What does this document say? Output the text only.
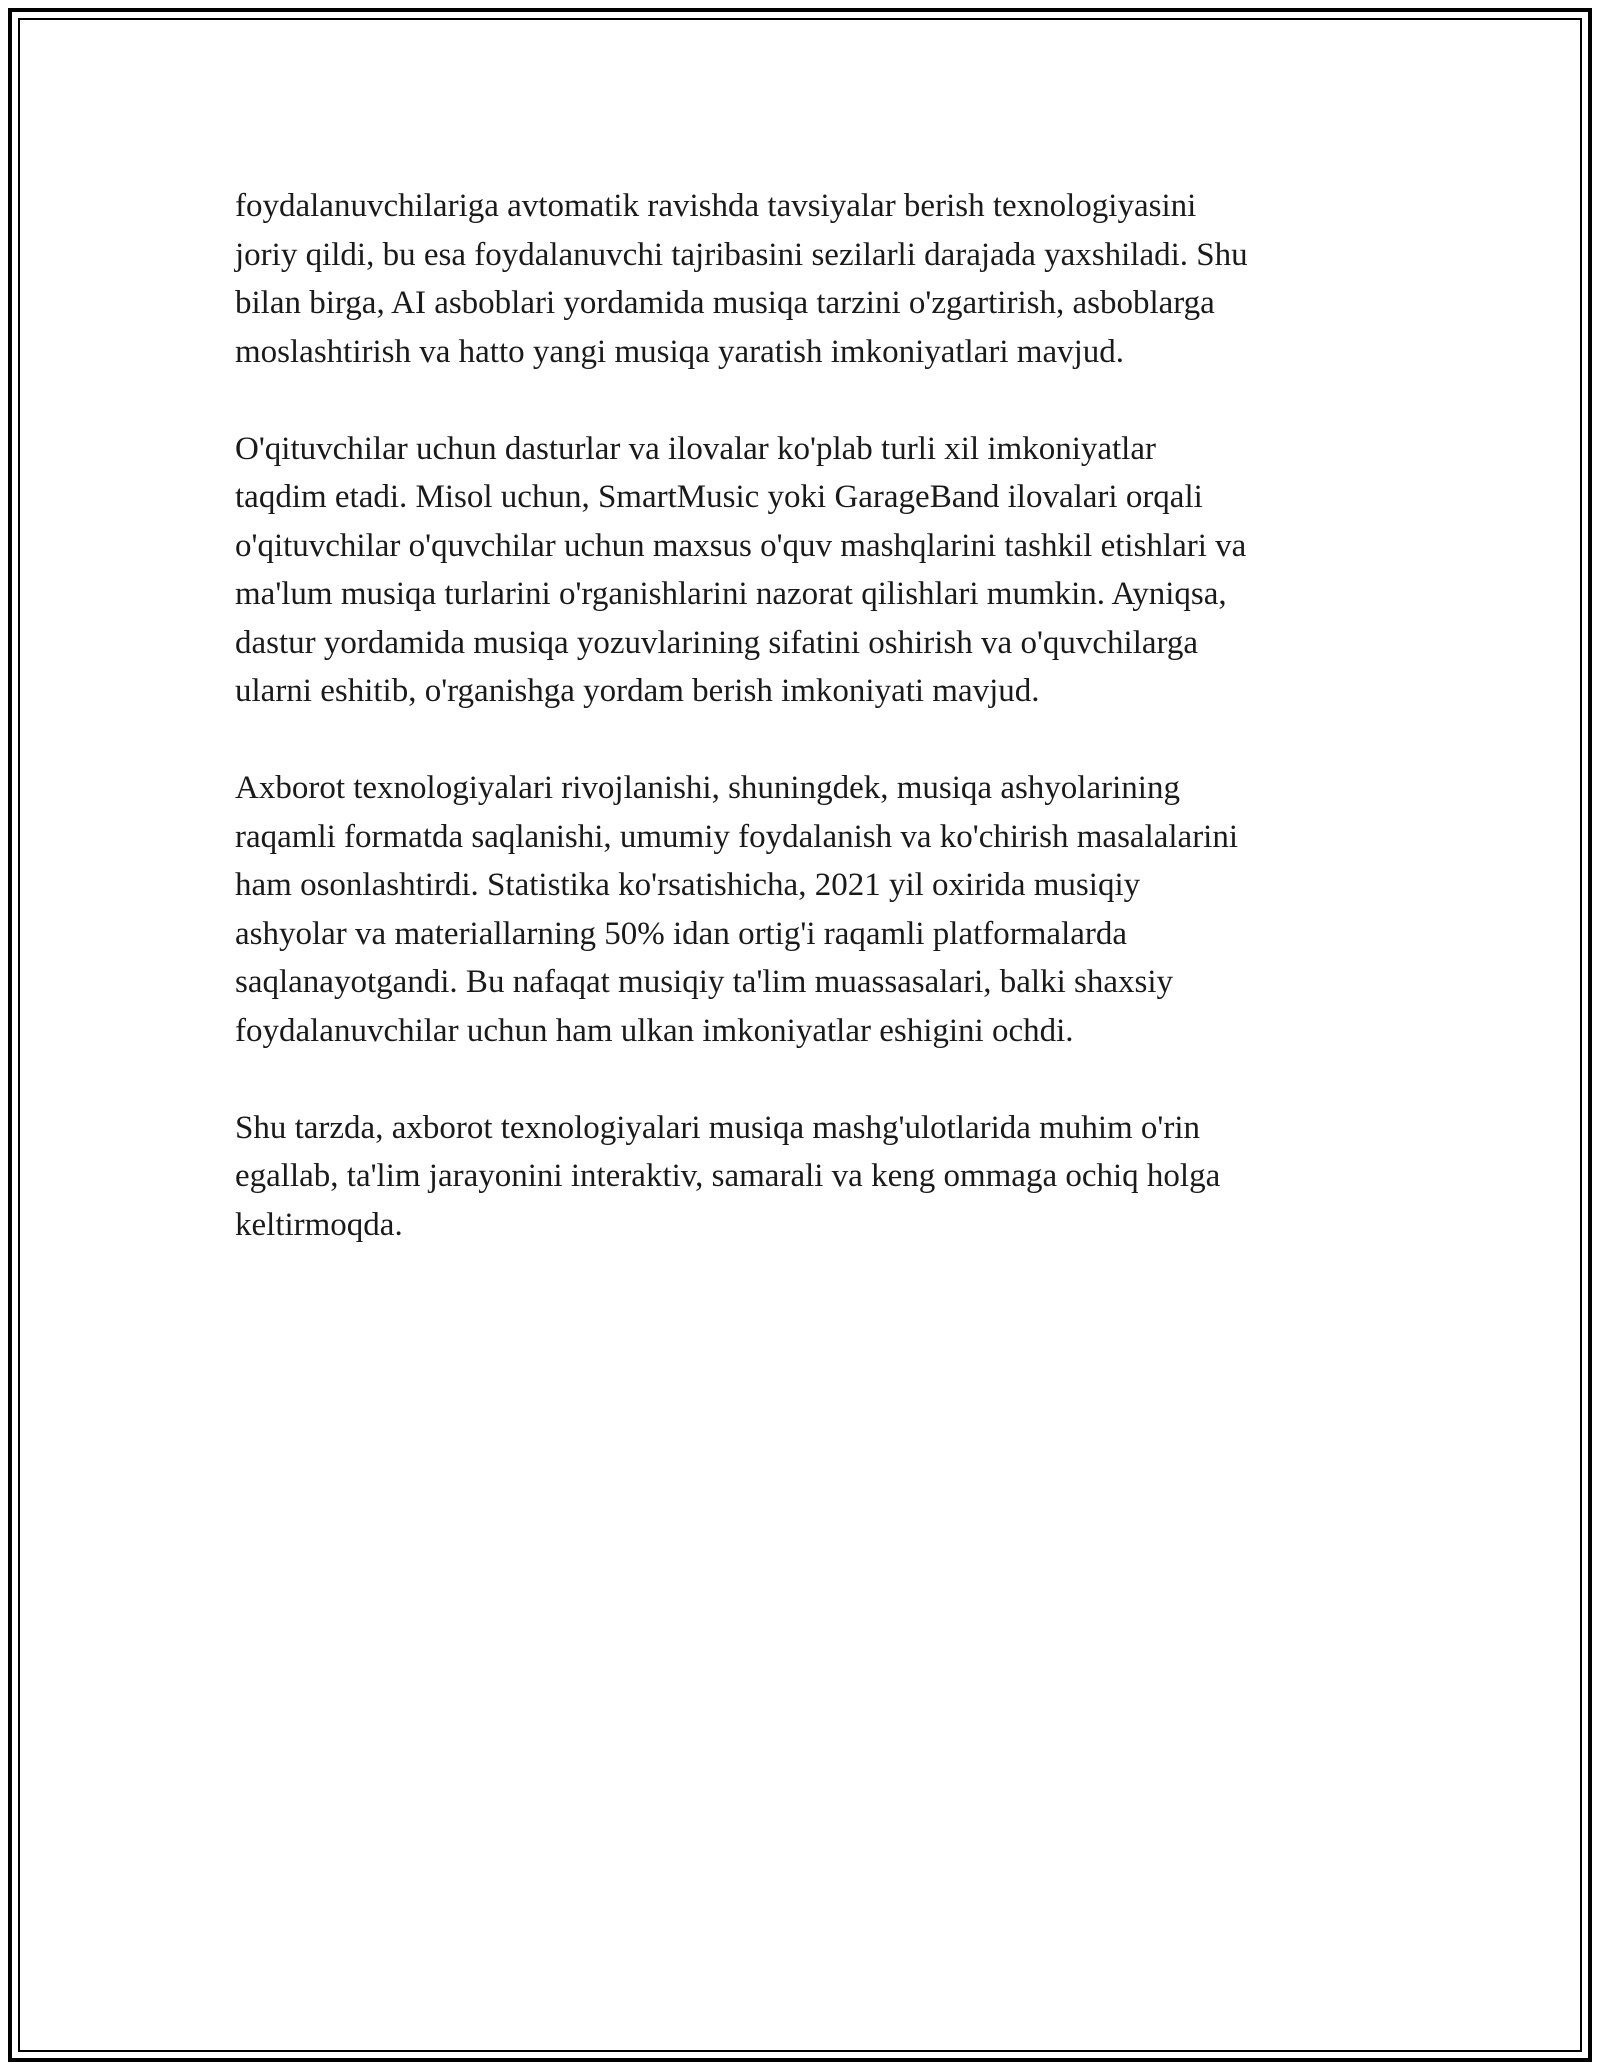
foydalanuvchilariga avtomatik ravishda tavsiyalar berish texnologiyasini
joriy qildi, bu esa foydalanuvchi tajribasini sezilarli darajada yaxshiladi. Shu
bilan birga, AI asboblari yordamida musiqa tarzini o'zgartirish, asboblarga
moslashtirish va hatto yangi musiqa yaratish imkoniyatlari mavjud.

O'qituvchilar uchun dasturlar va ilovalar ko'plab turli xil imkoniyatlar
taqdim etadi. Misol uchun, SmartMusic yoki GarageBand ilovalari orqali
o'qituvchilar o'quvchilar uchun maxsus o'quv mashqlarini tashkil etishlari va
ma'lum musiqa turlarini o'rganishlarini nazorat qilishlari mumkin. Ayniqsa,
dastur yordamida musiqa yozuvlarining sifatini oshirish va o'quvchilarga
ularni eshitib, o'rganishga yordam berish imkoniyati mavjud.

Axborot texnologiyalari rivojlanishi, shuningdek, musiqa ashyolarining
raqamli formatda saqlanishi, umumiy foydalanish va ko'chirish masalalarini
ham osonlashtirdi. Statistika ko'rsatishicha, 2021 yil oxirida musiqiy
ashyolar va materiallarning 50% idan ortig'i raqamli platformalarda
saqlanayotgandi. Bu nafaqat musiqiy ta'lim muassasalari, balki shaxsiy
foydalanuvchilar uchun ham ulkan imkoniyatlar eshigini ochdi.

Shu tarzda, axborot texnologiyalari musiqa mashg'ulotlarida muhim o'rin
egallab, ta'lim jarayonini interaktiv, samarali va keng ommaga ochiq holga
keltirmoqda.
